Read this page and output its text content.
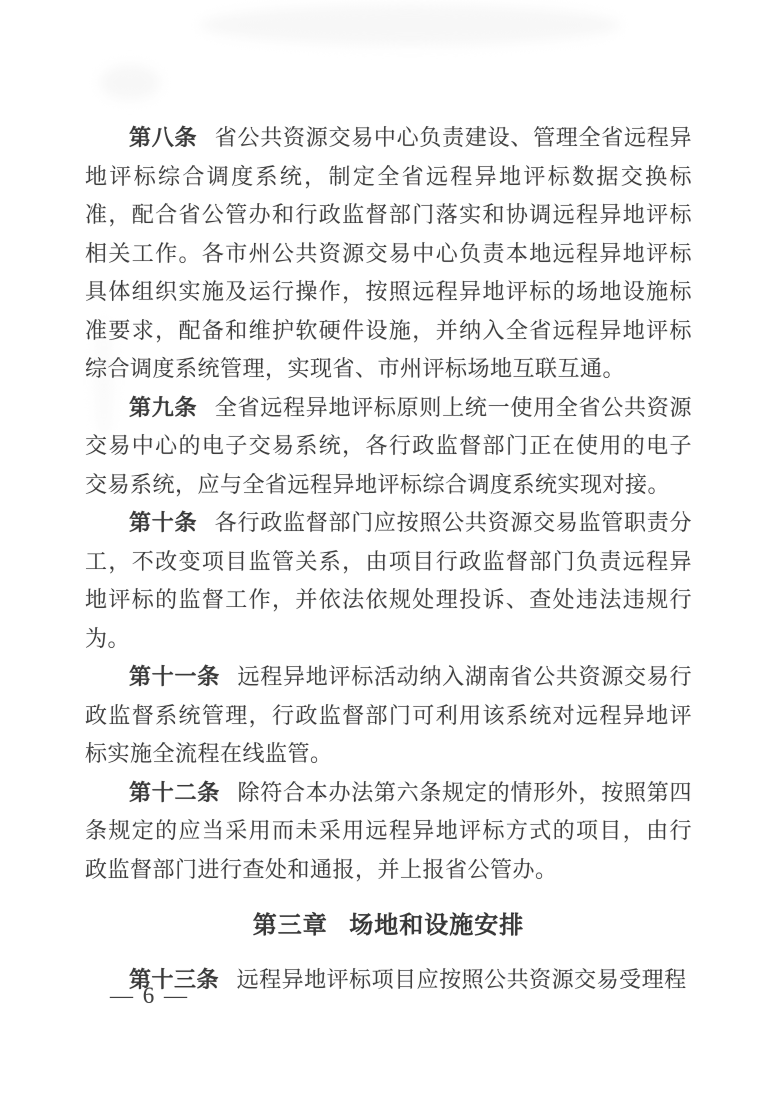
第八条 省公共资源交易中心负责建设、管理全省远程异地评标综合调度系统，制定全省远程异地评标数据交换标准，配合省公管办和行政监督部门落实和协调远程异地评标相关工作。各市州公共资源交易中心负责本地远程异地评标具体组织实施及运行操作，按照远程异地评标的场地设施标准要求，配备和维护软硬件设施，并纳入全省远程异地评标综合调度系统管理，实现省、市州评标场地互联互通。

第九条 全省远程异地评标原则上统一使用全省公共资源交易中心的电子交易系统，各行政监督部门正在使用的电子交易系统，应与全省远程异地评标综合调度系统实现对接。

第十条 各行政监督部门应按照公共资源交易监管职责分工，不改变项目监管关系，由项目行政监督部门负责远程异地评标的监督工作，并依法依规处理投诉、查处违法违规行为。

第十一条 远程异地评标活动纳入湖南省公共资源交易行政监督系统管理，行政监督部门可利用该系统对远程异地评标实施全流程在线监管。

第十二条 除符合本办法第六条规定的情形外，按照第四条规定的应当采用而未采用远程异地评标方式的项目，由行政监督部门进行查处和通报，并上报省公管办。

第三章 场地和设施安排

第十三条 远程异地评标项目应按照公共资源交易受理程

— 6 —
